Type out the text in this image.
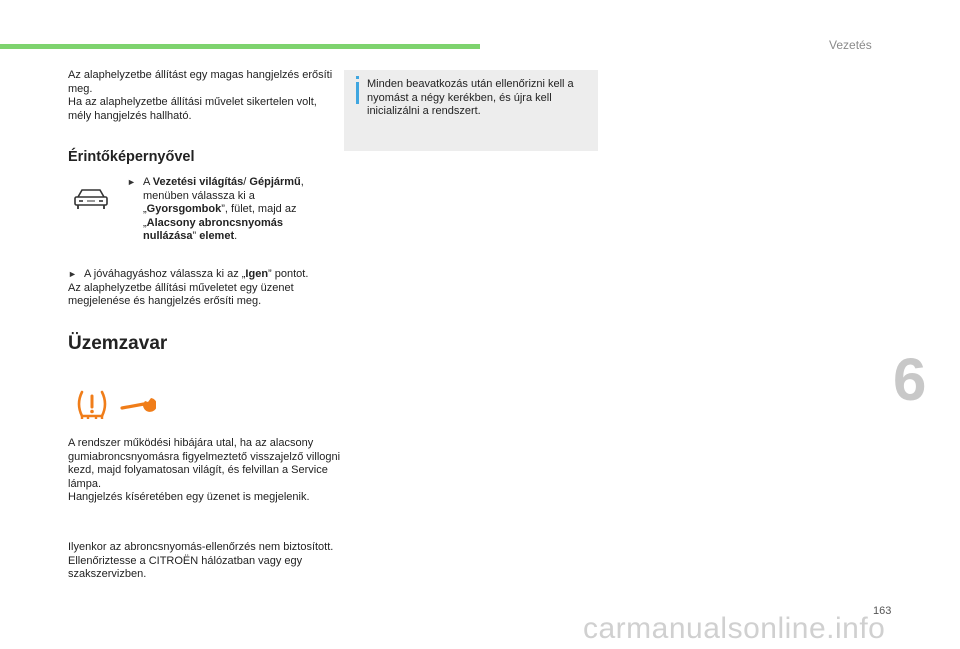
Vezetés

Az alaphelyzetbe állítást egy magas hangjelzés erősíti meg.

Ha az alaphelyzetbe állítási művelet sikertelen volt, mély hangjelzés hallható.

Érintőképernyővel

► A Vezetési világítás/ Gépjármű, menüben válassza ki a „Gyorsgombok”, fület, majd az „Alacsony abroncsnyomás nullázása” elemet.

► A jóváhagyáshoz válassza ki az „Igen” pontot.

Az alaphelyzetbe állítási műveletet egy üzenet megjelenése és hangjelzés erősíti meg.

Üzemzavar

A rendszer működési hibájára utal, ha az alacsony gumiabroncsnyomásra figyelmeztető visszajelző villogni kezd, majd folyamatosan világít, és felvillan a Service lámpa.

Hangjelzés kíséretében egy üzenet is megjelenik.

Ilyenkor az abroncsnyomás-ellenőrzés nem biztosított.

Ellenőriztesse a CITROËN hálózatban vagy egy szakszervizben.

Minden beavatkozás után ellenőrizni kell a nyomást a négy kerékben, és újra kell inicializálni a rendszert.
6
163
carmanualsonline.info
